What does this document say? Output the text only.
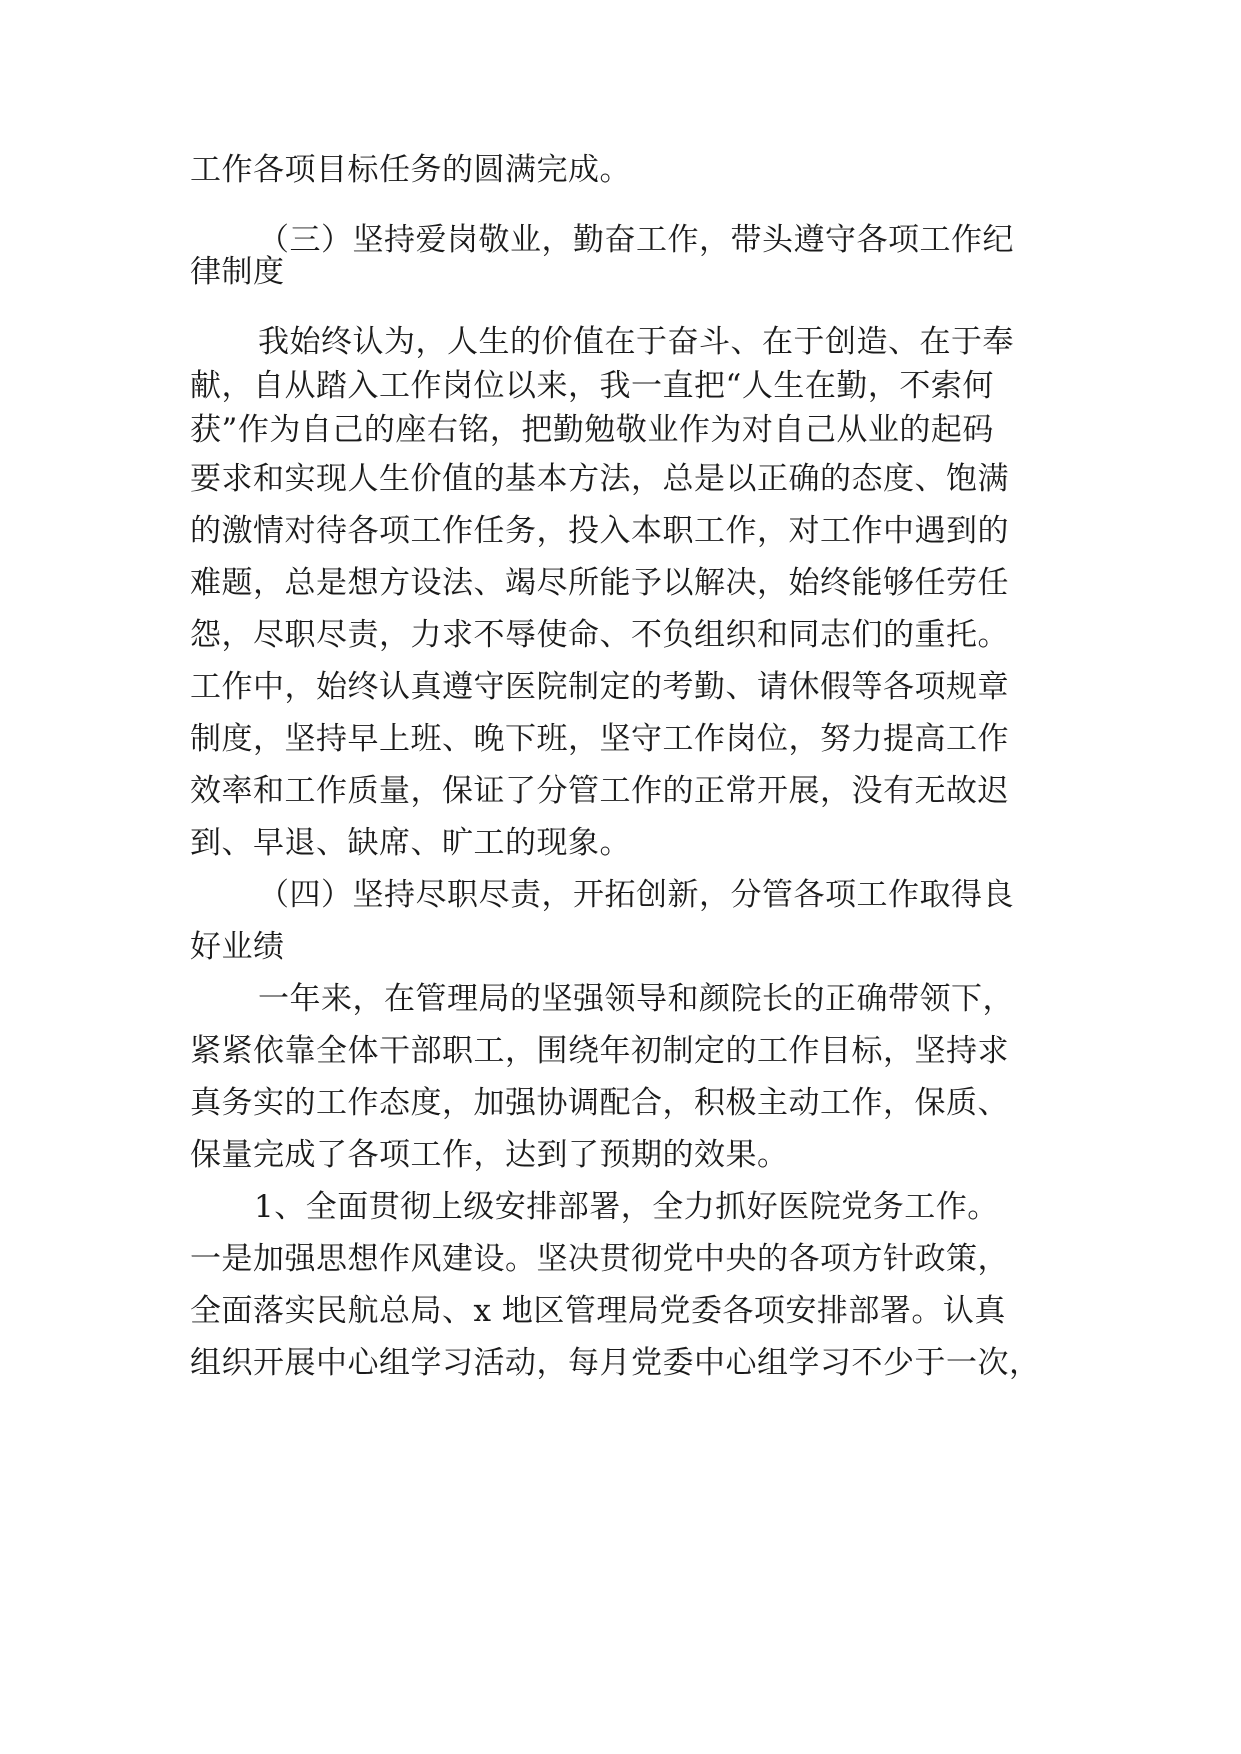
工作各项目标任务的圆满完成。
（三）坚持爱岗敬业，勤奋工作，带头遵守各项工作纪
律制度
我始终认为，人生的价值在于奋斗、在于创造、在于奉
献，自从踏入工作岗位以来，我一直把“人生在勤，不索何
获”作为自己的座右铭，把勤勉敬业作为对自己从业的起码
要求和实现人生价值的基本方法，总是以正确的态度、饱满
的激情对待各项工作任务，投入本职工作，对工作中遇到的
难题，总是想方设法、竭尽所能予以解决，始终能够任劳任
怨，尽职尽责，力求不辱使命、不负组织和同志们的重托。
工作中，始终认真遵守医院制定的考勤、请休假等各项规章
制度，坚持早上班、晚下班，坚守工作岗位，努力提高工作
效率和工作质量，保证了分管工作的正常开展，没有无故迟
到、早退、缺席、旷工的现象。
（四）坚持尽职尽责，开拓创新，分管各项工作取得良
好业绩
一年来，在管理局的坚强领导和颜院长的正确带领下，
紧紧依靠全体干部职工，围绕年初制定的工作目标，坚持求
真务实的工作态度，加强协调配合，积极主动工作，保质、
保量完成了各项工作，达到了预期的效果。
1、全面贯彻上级安排部署，全力抓好医院党务工作。
一是加强思想作风建设。坚决贯彻党中央的各项方针政策，
全面落实民航总局、x 地区管理局党委各项安排部署。认真
组织开展中心组学习活动，每月党委中心组学习不少于一次，
